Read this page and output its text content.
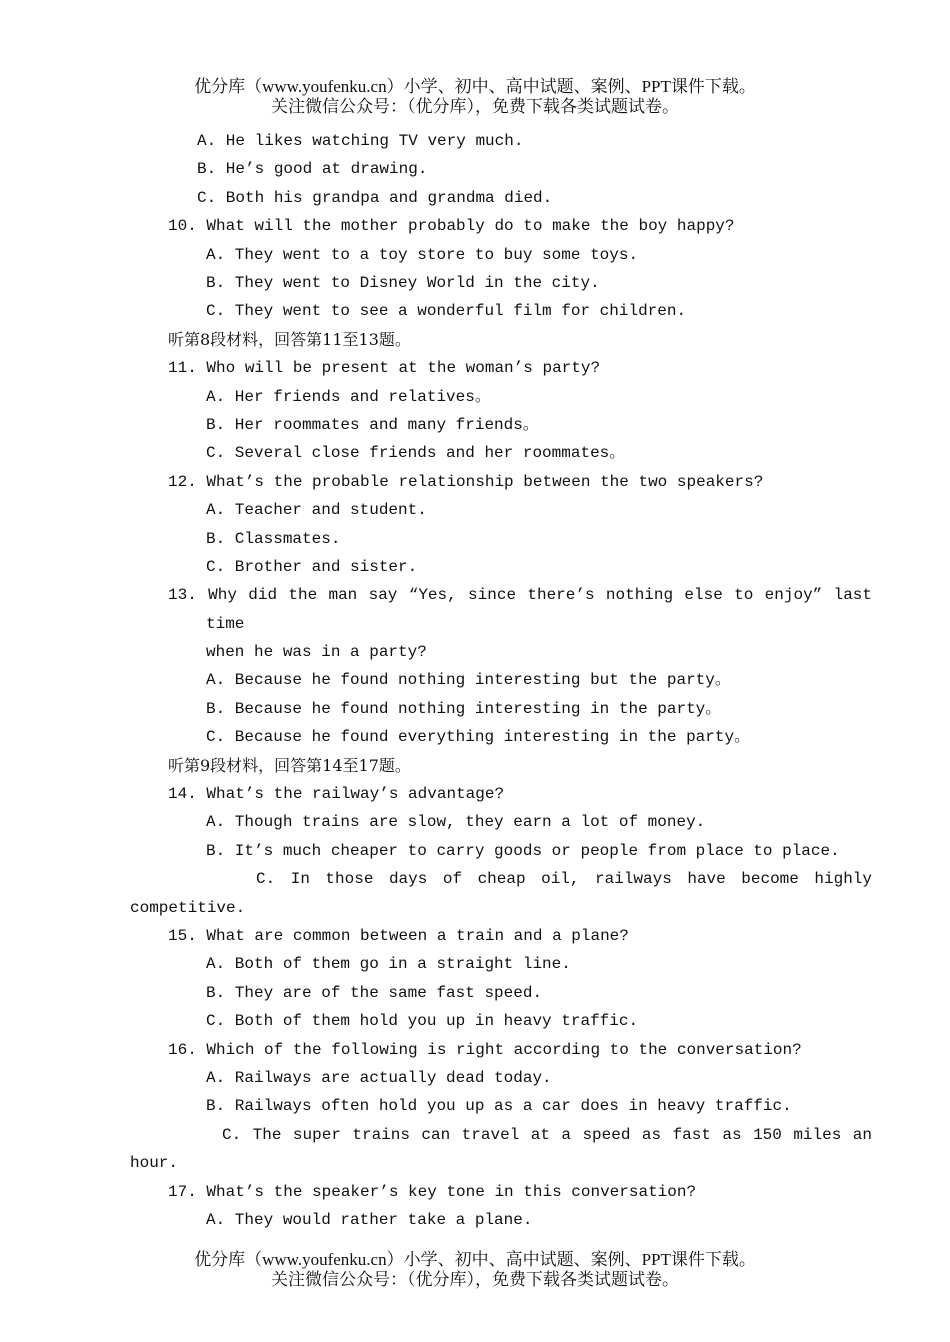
优分库（www.youfenku.cn）小学、初中、高中试题、案例、PPT课件下载。
关注微信公众号：（优分库），免费下载各类试题试卷。
A. He likes watching TV very much.
B. He’s good at drawing.
C. Both his grandpa and grandma died.
10. What will the mother probably do to make the boy happy?
A. They went to a toy store to buy some toys.
B. They went to Disney World in the city.
C. They went to see a wonderful film for children.
听第8段材料，回答第11至13题。
11. Who will be present at the woman’s party?
A. Her friends and relatives。
B. Her roommates and many friends。
C. Several close friends and her roommates。
12. What’s the probable relationship between the two speakers?
A. Teacher and student.
B. Classmates.
C. Brother and sister.
13. Why did the man say “Yes, since there’s nothing else to enjoy” last
time
when he was in a party?
A. Because he found nothing interesting but the party。
B. Because he found nothing interesting in the party。
C. Because he found everything interesting in the party。
听第9段材料，回答第14至17题。
14. What’s the railway’s advantage?
A. Though trains are slow, they earn a lot of money.
B. It’s much cheaper to carry goods or people from place to place.
C. In those days of cheap oil, railways have become highly
competitive.
15. What are common between a train and a plane?
A. Both of them go in a straight line.
B. They are of the same fast speed.
C. Both of them hold you up in heavy traffic.
16. Which of the following is right according to the conversation?
A. Railways are actually dead today.
B. Railways often hold you up as a car does in heavy traffic.
C. The super trains can travel at a speed as fast as 150 miles an
hour.
17. What’s the speaker’s key tone in this conversation?
A. They would rather take a plane.
优分库（www.youfenku.cn）小学、初中、高中试题、案例、PPT课件下载。
关注微信公众号：（优分库），免费下载各类试题试卷。
